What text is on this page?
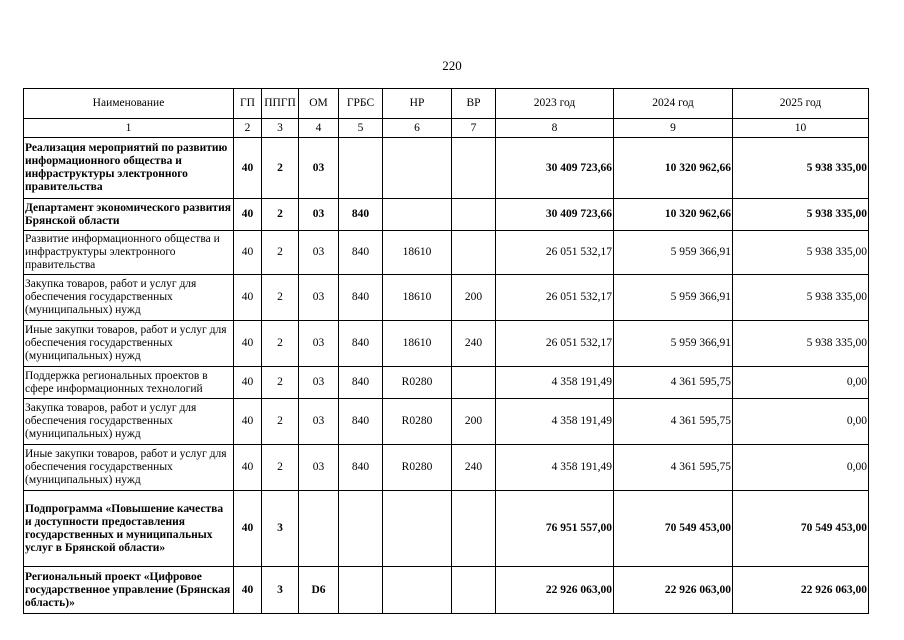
220
Наименование	ГП	ППГП	ОМ	ГРБС	НР	ВР	2023 год	2024 год	2025 год
1	2	3	4	5	6	7	8	9	10
Реализация мероприятий по развитию информационного общества и инфраструктуры электронного правительства	40	2	03				30 409 723,66	10 320 962,66	5 938 335,00
Департамент экономического развития Брянской области	40	2	03	840			30 409 723,66	10 320 962,66	5 938 335,00
Развитие информационного общества и инфраструктуры электронного правительства	40	2	03	840	18610		26 051 532,17	5 959 366,91	5 938 335,00
Закупка товаров, работ и услуг для обеспечения государственных (муниципальных) нужд	40	2	03	840	18610	200	26 051 532,17	5 959 366,91	5 938 335,00
Иные закупки товаров, работ и услуг для обеспечения государственных (муниципальных) нужд	40	2	03	840	18610	240	26 051 532,17	5 959 366,91	5 938 335,00
Поддержка региональных проектов в сфере информационных технологий	40	2	03	840	R0280		4 358 191,49	4 361 595,75	0,00
Закупка товаров, работ и услуг для обеспечения государственных (муниципальных) нужд	40	2	03	840	R0280	200	4 358 191,49	4 361 595,75	0,00
Иные закупки товаров, работ и услуг для обеспечения государственных (муниципальных) нужд	40	2	03	840	R0280	240	4 358 191,49	4 361 595,75	0,00
Подпрограмма «Повышение качества и доступности предоставления государственных и муниципальных услуг в Брянской области»	40	3					76 951 557,00	70 549 453,00	70 549 453,00
Региональный проект «Цифровое государственное управление (Брянская область)»	40	3	D6				22 926 063,00	22 926 063,00	22 926 063,00
